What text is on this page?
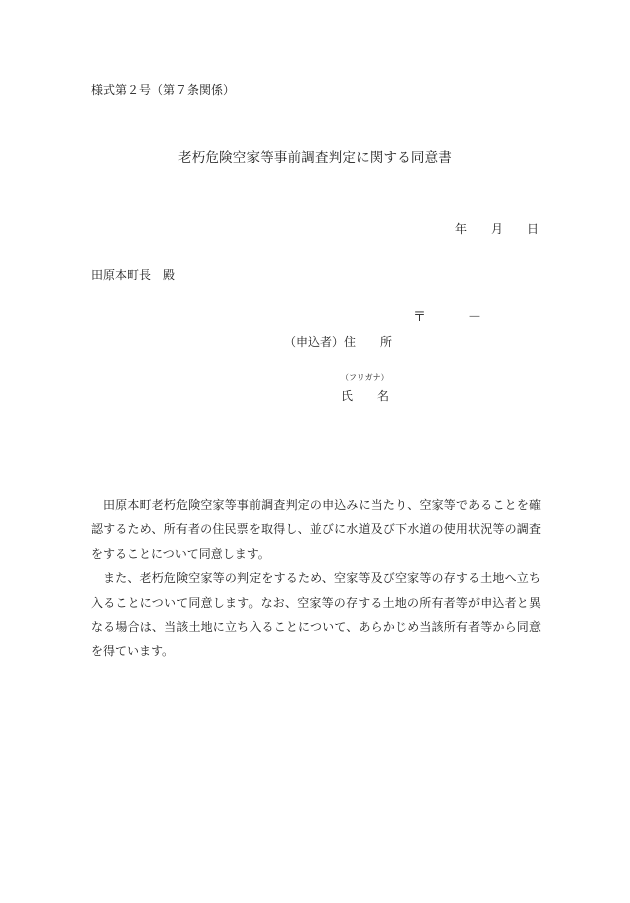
様式第２号（第７条関係）
老朽危険空家等事前調査判定に関する同意書
年 月 日
田原本町長　殿
〒	－
（申込者）住 所
（フリガナ）
氏 名

田原本町老朽危険空家等事前調査判定の申込みに当たり、空家等であることを確認するため、所有者の住民票を取得し、並びに水道及び下水道の使用状況等の調査をすることについて同意します。

また、老朽危険空家等の判定をするため、空家等及び空家等の存する土地へ立ち入ることについて同意します。なお、空家等の存する土地の所有者等が申込者と異なる場合は、当該土地に立ち入ることについて、あらかじめ当該所有者等から同意を得ています。
